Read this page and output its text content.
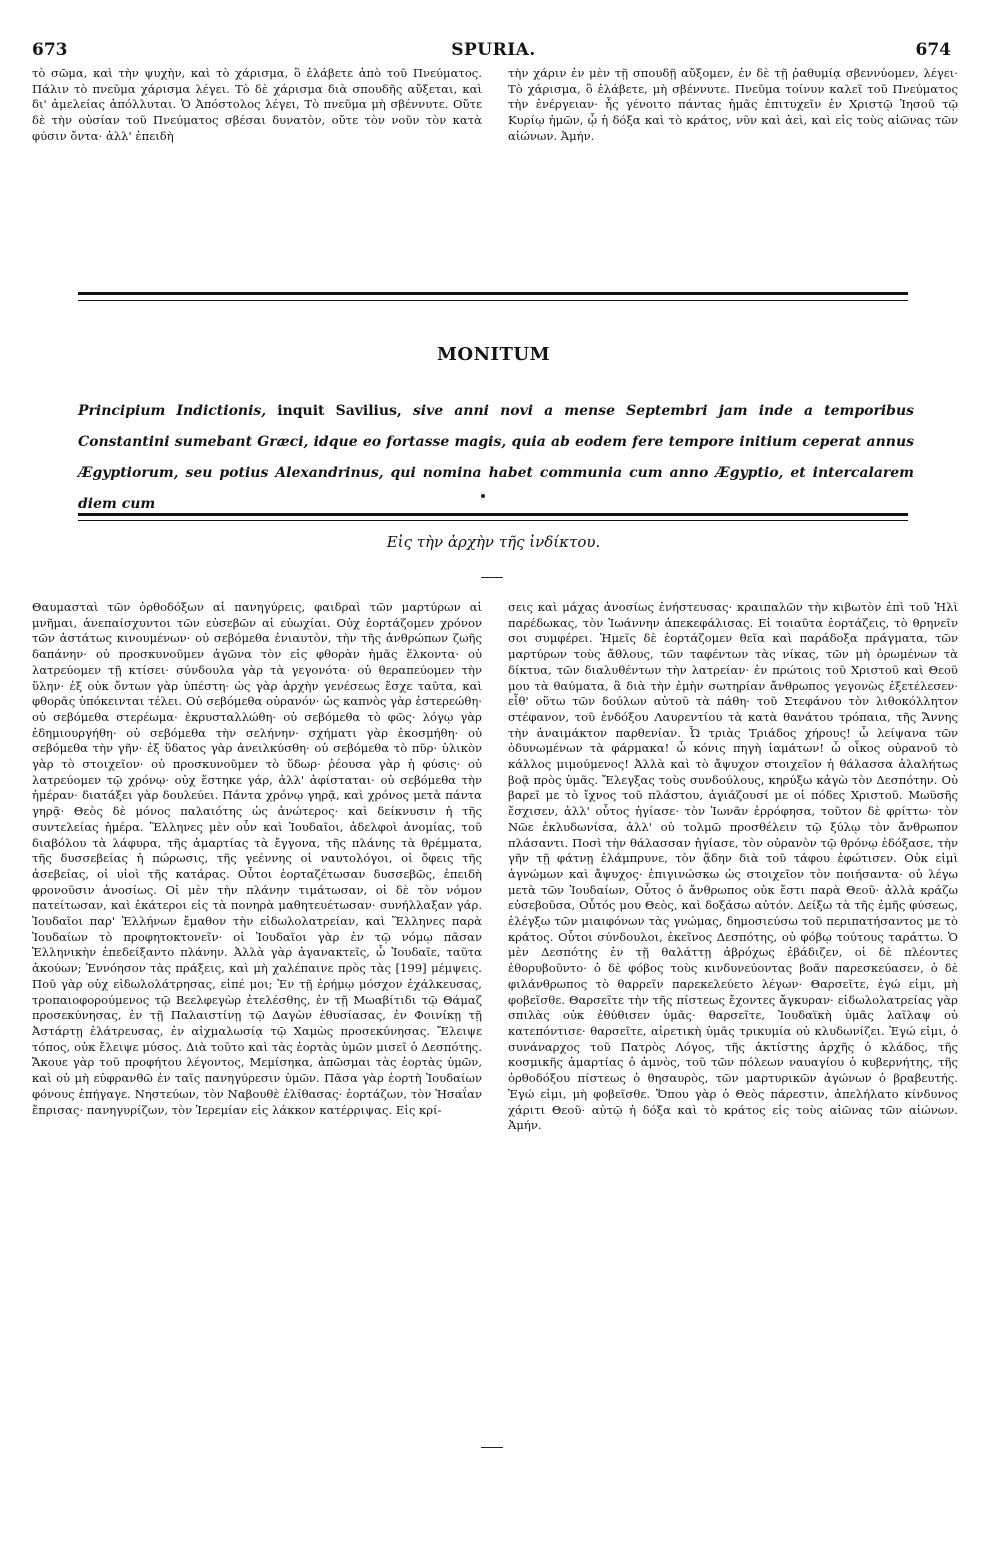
673	SPURIA.	674

τὸ σῶμα, καὶ τὴν ψυχὴν, καὶ τὸ χάρισμα, ὃ ἐλάβετε ἀπὸ τοῦ Πνεύματος. Πάλιν τὸ πνεῦμα χάρισμα λέγει. Τὸ δὲ χάρισμα διὰ σπουδῆς αὔξεται, καὶ δι' ἀμελείας ἀπόλλυται. Ὁ Ἀπόστολος λέγει, Τὸ πνεῦμα μὴ σβέννυτε. Οὔτε δὲ τὴν οὐσίαν τοῦ Πνεύματος σβέσαι δυνατὸν, οὔτε τὸν νοῦν τὸν κατὰ φύσιν ὄντα· ἀλλ' ἐπειδὴ

τὴν χάριν ἐν μὲν τῇ σπουδῇ αὔξομεν, ἐν δὲ τῇ ῥαθυμίᾳ σβεννύομεν, λέγει· Τὸ χάρισμα, ὃ ἐλάβετε, μὴ σβέννυτε. Πνεῦμα τοίνυν καλεῖ τοῦ Πνεύματος τὴν ἐνέργειαν· ἧς γένοιτο πάντας ἡμᾶς ἐπιτυχεῖν ἐν Χριστῷ Ἰησοῦ τῷ Κυρίῳ ἡμῶν, ᾧ ἡ δόξα καὶ τὸ κράτος, νῦν καὶ ἀεὶ, καὶ εἰς τοὺς αἰῶνας τῶν αἰώνων. Ἀμήν.

MONITUM
Principium Indictionis, inquit Savilius, sive anni novi a mense Septembri jam inde a temporibus Constantini sumebant Græci, idque eo fortasse magis, quia ab eodem fere tempore initium ceperat annus Ægyptiorum, seu potius Alexandrinus, qui nomina habet communia cum anno Ægyptio, et intercalarem diem cum
Εἰς τὴν ἀρχὴν τῆς ἰνδίκτου.

Θαυμασταὶ τῶν ὀρθοδόξων αἱ πανηγύρεις, φαιδραὶ τῶν μαρτύρων αἱ μνῆμαι, ἀνεπαίσχυντοι τῶν εὐσεβῶν αἱ εὐωχίαι. Οὐχ ἑορτάζομεν χρόνον τῶν ἀστάτως κινουμένων· οὐ σεβόμεθα ἐνιαυτὸν, τὴν τῆς ἀνθρώπων ζωῆς δαπάνην· οὐ προσκυνοῦμεν ἀγῶνα τὸν εἰς φθορὰν ἡμᾶς ἕλκοντα· οὐ λατρεύομεν τῇ κτίσει· σύνδουλα γὰρ τὰ γεγονότα· οὐ θεραπεύομεν τὴν ὕλην· ἐξ οὐκ ὄντων γὰρ ὑπέστη· ὡς γὰρ ἀρχὴν γενέσεως ἔσχε ταῦτα, καὶ φθορᾶς ὑπόκεινται τέλει. Οὐ σεβόμεθα οὐρανόν· ὡς καπνὸς γὰρ ἐστερεώθη· οὐ σεβόμεθα στερέωμα· ἐκρυσταλλώθη· οὐ σεβόμεθα τὸ φῶς· λόγῳ γὰρ ἐδημιουργήθη· οὐ σεβόμεθα τὴν σελήνην· σχήματι γὰρ ἐκοσμήθη· οὐ σεβόμεθα τὴν γῆν· ἐξ ὕδατος γὰρ ἀνειλκύσθη· οὐ σεβόμεθα τὸ πῦρ· ὑλικὸν γὰρ τὸ στοιχεῖον· οὐ προσκυνοῦμεν τὸ ὕδωρ· ῥέουσα γὰρ ἡ φύσις· οὐ λατρεύομεν τῷ χρόνῳ· οὐχ ἕστηκε γάρ, ἀλλ' ἀφίσταται· οὐ σεβόμεθα τὴν ἡμέραν· διατάξει γὰρ δουλεύει. Πάντα χρόνῳ γηρᾷ, καὶ χρόνος μετὰ πάντα γηρᾷ· Θεὸς δὲ μόνος παλαιότης ὡς ἀνώτερος· καὶ δείκνυσιν ἡ τῆς συντελείας ἡμέρα. Ἕλληνες μὲν οὖν καὶ Ἰουδαῖοι, ἀδελφοὶ ἀνομίας, τοῦ διαβόλου τὰ λάφυρα, τῆς ἁμαρτίας τὰ ἔγγονα, τῆς πλάνης τὰ θρέμματα, τῆς δυσσεβείας ἡ πώρωσις, τῆς γεέννης οἱ ναυτολόγοι, οἱ ὄφεις τῆς ἀσεβείας, οἱ υἱοὶ τῆς κατάρας. Οὗτοι ἑορταζέτωσαν δυσσεβῶς, ἐπειδὴ φρονοῦσιν ἀνοσίως. Οἱ μὲν τὴν πλάνην τιμάτωσαν, οἱ δὲ τὸν νόμον πατείτωσαν, καὶ ἑκάτεροι εἰς τὰ πονηρὰ μαθητευέτωσαν· συνήλλαξαν γάρ. Ἰουδαῖοι παρ' Ἑλλήνων ἔμαθον τὴν εἰδωλολατρείαν, καὶ Ἕλληνες παρὰ Ἰουδαίων τὸ προφητοκτονεῖν· οἱ Ἰουδαῖοι γὰρ ἐν τῷ νόμῳ πᾶσαν Ἑλληνικὴν ἐπεδείξαντο πλάνην. Ἀλλὰ γὰρ ἀγανακτεῖς, ὦ Ἰουδαῖε, ταῦτα ἀκούων; Ἐννόησον τὰς πράξεις, καὶ μὴ χαλέπαινε πρὸς τὰς [199] μέμψεις. Ποῦ γὰρ οὐχ εἰδωλολάτρησας, εἰπέ μοι; Ἐν τῇ ἐρήμῳ μόσχον ἐχάλκευσας, τροπαιοφορούμενος τῷ Βεελφεγὼρ ἐτελέσθης, ἐν τῇ Μωαβίτιδι τῷ Θάμαζ προσεκύνησας, ἐν τῇ Παλαιστίνῃ τῷ Δαγὼν ἐθυσίασας, ἐν Φοινίκῃ τῇ Ἀστάρτῃ ἐλάτρευσας, ἐν αἰχμαλωσίᾳ τῷ Χαμὼς προσεκύνησας. Ἔλειψε τόπος, οὐκ ἔλειψε μύσος. Διὰ τοῦτο καὶ τὰς ἑορτὰς ὑμῶν μισεῖ ὁ Δεσπότης. Ἄκουε γὰρ τοῦ προφήτου λέγοντος, Μεμίσηκα, ἀπῶσμαι τὰς ἑορτὰς ὑμῶν, καὶ οὐ μὴ εὐφρανθῶ ἐν ταῖς πανηγύρεσιν ὑμῶν. Πᾶσα γὰρ ἑορτὴ Ἰουδαίων φόνους ἐπήγαγε. Νηστεύων, τὸν Ναβουθὲ ἐλίθασας· ἑορτάζων, τὸν Ἡσαΐαν ἔπρισας· πανηγυρίζων, τὸν Ἱερεμίαν εἰς λάκκον κατέρριψας. Εἰς κρί-

σεις καὶ μάχας ἀνοσίως ἐνήστευσας· κραιπαλῶν τὴν κιβωτὸν ἐπὶ τοῦ Ἠλὶ παρέδωκας, τὸν Ἰωάννην ἀπεκεφάλισας. Εἰ τοιαῦτα ἑορτάζεις, τὸ θρηνεῖν σοι συμφέρει. Ἡμεῖς δὲ ἑορτάζομεν θεῖα καὶ παράδοξα πράγματα, τῶν μαρτύρων τοὺς ἄθλους, τῶν ταφέντων τὰς νίκας, τῶν μὴ ὁρωμένων τὰ δίκτυα, τῶν διαλυθέντων τὴν λατρείαν· ἐν πρώτοις τοῦ Χριστοῦ καὶ Θεοῦ μου τὰ θαύματα, ἃ διὰ τὴν ἐμὴν σωτηρίαν ἄνθρωπος γεγονὼς ἐξετέλεσεν· εἶθ' οὕτω τῶν δούλων αὐτοῦ τὰ πάθη· τοῦ Στεφάνου τὸν λιθοκόλλητον στέφανον, τοῦ ἐνδόξου Λαυρεντίου τὰ κατὰ θανάτου τρόπαια, τῆς Ἄννης τὴν ἀναιμάκτον παρθενίαν. Ὦ τριὰς Τριάδος χήρους! ὦ λείψανα τῶν ὀδυνωμένων τὰ φάρμακα! ὦ κόνις πηγὴ ἰαμάτων! ὦ οἶκος οὐρανοῦ τὸ κάλλος μιμούμενος! Ἀλλὰ καὶ τὸ ἄψυχον στοιχεῖον ἡ θάλασσα ἀλαλήτως βοᾷ πρὸς ὑμᾶς. Ἔλεγξας τοὺς συνδούλους, κηρύξω κἀγὼ τὸν Δεσπότην. Οὐ βαρεῖ με τὸ ἴχνος τοῦ πλάστου, ἁγιάζουσί με οἱ πόδες Χριστοῦ. Μωϋσῆς ἔσχισεν, ἀλλ' οὗτος ἡγίασε· τὸν Ἰωνᾶν ἐρρόφησα, τοῦτον δὲ φρίττω· τὸν Νῶε ἐκλυδωνίσα, ἀλλ' οὐ τολμῶ προσθέλειν τῷ ξύλῳ τὸν ἄνθρωπον πλάσαντι. Ποσὶ τὴν θάλασσαν ἡγίασε, τὸν οὐρανὸν τῷ θρόνῳ ἐδόξασε, τὴν γῆν τῇ φάτνῃ ἐλάμπρυνε, τὸν ᾅδην διὰ τοῦ τάφου ἐφώτισεν. Οὐκ εἰμὶ ἀγνώμων καὶ ἄψυχος· ἐπιγινώσκω ὡς στοιχεῖον τὸν ποιήσαντα· οὐ λέγω μετὰ τῶν Ἰουδαίων, Οὗτος ὁ ἄνθρωπος οὐκ ἔστι παρὰ Θεοῦ· ἀλλὰ κράζω εὐσεβοῦσα, Οὗτός μου Θεὸς, καὶ δοξάσω αὐτόν. Δείξω τὰ τῆς ἐμῆς φύσεως, ἐλέγξω τῶν μιαιφόνων τὰς γνώμας, δημοσιεύσω τοῦ περιπατήσαντος με τὸ κράτος. Οὗτοι σύνδουλοι, ἐκεῖνος Δεσπότης, οὐ φόβῳ τούτους ταράττω. Ὁ μὲν Δεσπότης ἐν τῇ θαλάττῃ ἀβρόχως ἐβάδιζεν, οἱ δὲ πλέοντες ἐθορυβοῦντο· ὁ δὲ φόβος τοὺς κινδυνεύοντας βοᾶν παρεσκεύασεν, ὁ δὲ φιλάνθρωπος τὸ θαρρεῖν παρεκελεύετο λέγων· Θαρσεῖτε, ἐγώ εἰμι, μὴ φοβεῖσθε. Θαρσεῖτε τὴν τῆς πίστεως ἔχοντες ἄγκυραν· εἰδωλολατρείας γὰρ σπιλὰς οὐκ ἐθύθισεν ὑμᾶς· θαρσεῖτε, Ἰουδαϊκὴ ὑμᾶς λαῖλαψ οὐ κατεπόντισε· θαρσεῖτε, αἱρετικὴ ὑμᾶς τρικυμία οὐ κλυδωνίζει. Ἐγώ εἰμι, ὁ συνάναρχος τοῦ Πατρὸς Λόγος, τῆς ἀκτίστης ἀρχῆς ὁ κλάδος, τῆς κοσμικῆς ἁμαρτίας ὁ ἀμνὸς, τοῦ τῶν πόλεων ναυαγίου ὁ κυβερνήτης, τῆς ὀρθοδόξου πίστεως ὁ θησαυρὸς, τῶν μαρτυρικῶν ἀγώνων ὁ βραβευτής. Ἐγώ εἰμι, μὴ φοβεῖσθε. Ὅπου γὰρ ὁ Θεὸς πάρεστιν, ἀπελήλατο κίνδυνος χάριτι Θεοῦ· αὐτῷ ἡ δόξα καὶ τὸ κράτος εἰς τοὺς αἰῶνας τῶν αἰώνων. Ἀμήν.
